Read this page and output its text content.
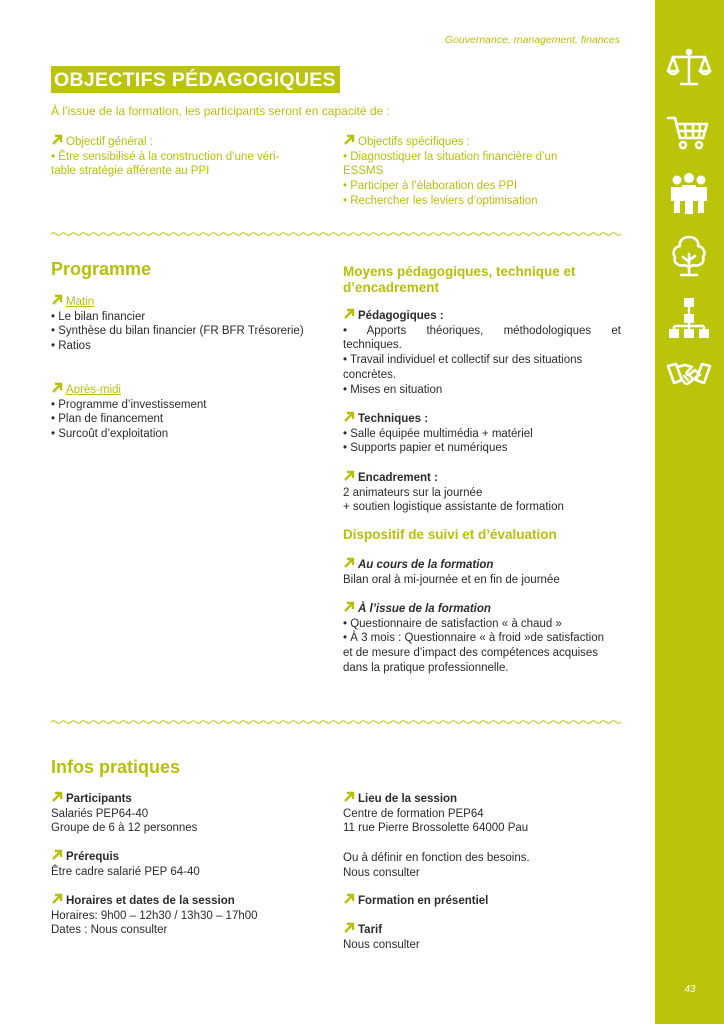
43
Gouvernance, management, finances
OBJECTIFS PÉDAGOGIQUES
À l’issue de la formation, les participants seront en capacité de :
Objectif général :
• Être sensibilisé à la construction d’une véri-
table stratégie afférente au PPI
Objectifs spécifiques :
• Diagnostiquer la situation financière d’un
ESSMS
• Participer à l’élaboration des PPI
• Rechercher les leviers d’optimisation
Programme
Matin
• Le bilan financier
• Synthèse du bilan financier (FR BFR Trésorerie)
• Ratios
Après-midi
• Programme d’investissement
• Plan de financement
• Surcoût d’exploitation
Moyens pédagogiques, technique et
d’encadrement
Pédagogiques :
• Apports théoriques, méthodologiques et
techniques.
• Travail individuel et collectif sur des situations
concrètes.
• Mises en situation
Techniques :
• Salle équipée multimédia + matériel
• Supports papier et numériques
Encadrement :
2 animateurs sur la journée
+ soutien logistique assistante de formation
Dispositif de suivi et d’évaluation
Au cours de la formation
Bilan oral à mi-journée et en fin de journée
À l’issue de la formation
• Questionnaire de satisfaction « à chaud »
• À 3 mois : Questionnaire « à froid »de satisfaction
et de mesure d’impact des compétences acquises
dans la pratique professionnelle.
Infos pratiques
Participants
Salariés PEP64-40
Groupe de 6 à 12 personnes
Prérequis
Être cadre salarié PEP 64-40
Horaires et dates de la session
Horaires: 9h00 – 12h30 / 13h30 – 17h00
Dates : Nous consulter
Lieu de la session
Centre de formation PEP64
11 rue Pierre Brossolette 64000 Pau
Ou à définir en fonction des besoins.
Nous consulter
Formation en présentiel
Tarif
Nous consulter
